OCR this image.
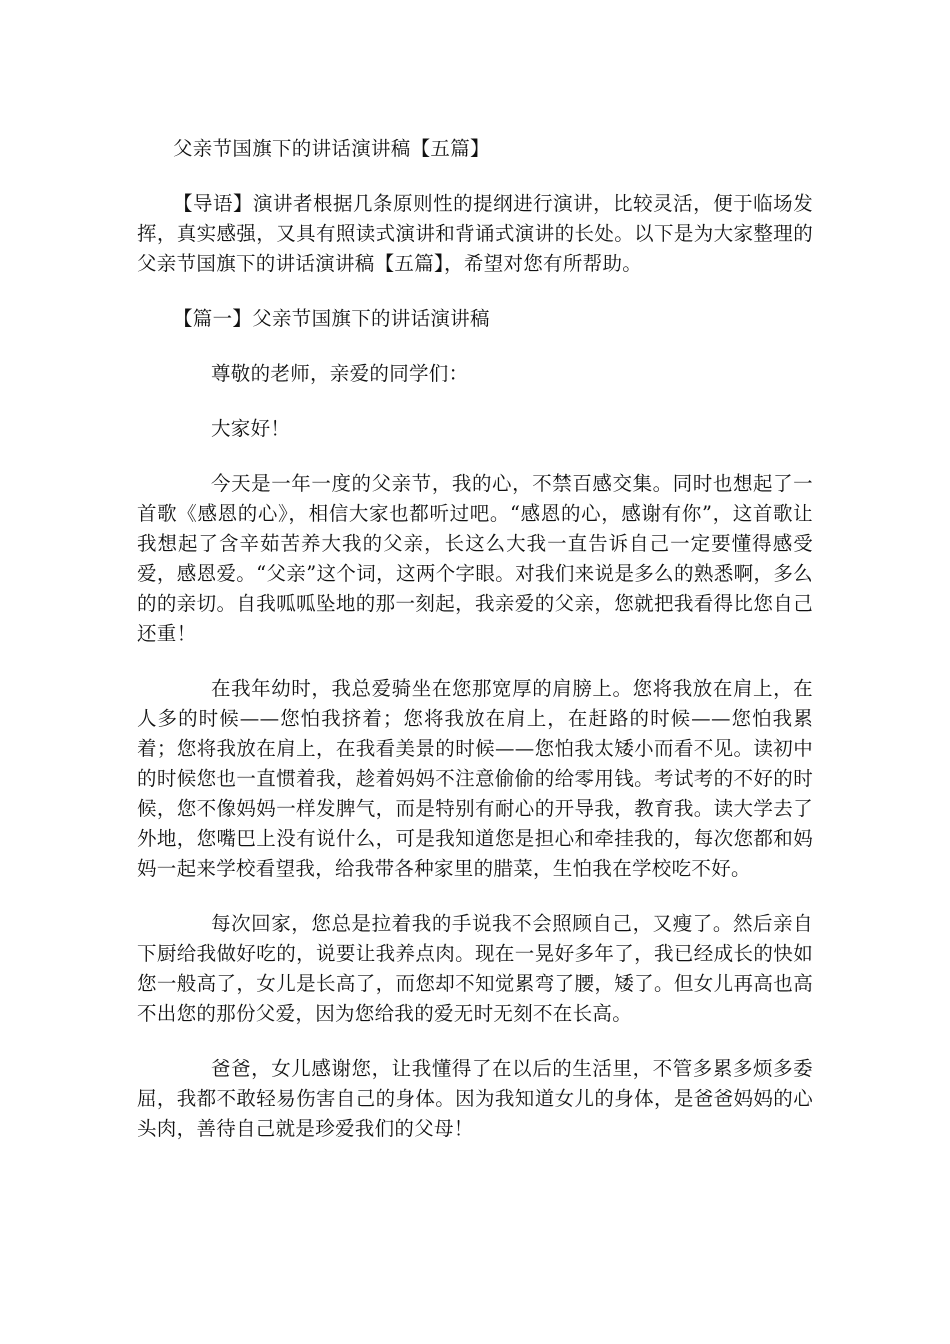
父亲节国旗下的讲话演讲稿【五篇】

【导语】演讲者根据几条原则性的提纲进行演讲，比较灵活，便于临场发挥，真实感强，又具有照读式演讲和背诵式演讲的长处。以下是为大家整理的父亲节国旗下的讲话演讲稿【五篇】，希望对您有所帮助。

【篇一】父亲节国旗下的讲话演讲稿
尊敬的老师，亲爱的同学们：
大家好！

今天是一年一度的父亲节，我的心，不禁百感交集。同时也想起了一首歌《感恩的心》，相信大家也都听过吧。“感恩的心，感谢有你”，这首歌让我想起了含辛茹苦养大我的父亲，长这么大我一直告诉自己一定要懂得感受爱，感恩爱。“父亲”这个词，这两个字眼。对我们来说是多么的熟悉啊，多么的的亲切。自我呱呱坠地的那一刻起，我亲爱的父亲，您就把我看得比您自己还重！

在我年幼时，我总爱骑坐在您那宽厚的肩膀上。您将我放在肩上，在人多的时候——您怕我挤着；您将我放在肩上，在赶路的时候——您怕我累着；您将我放在肩上，在我看美景的时候——您怕我太矮小而看不见。读初中的时候您也一直惯着我，趁着妈妈不注意偷偷的给零用钱。考试考的不好的时候，您不像妈妈一样发脾气，而是特别有耐心的开导我，教育我。读大学去了外地，您嘴巴上没有说什么，可是我知道您是担心和牵挂我的，每次您都和妈妈一起来学校看望我，给我带各种家里的腊菜，生怕我在学校吃不好。

每次回家，您总是拉着我的手说我不会照顾自己，又瘦了。然后亲自下厨给我做好吃的，说要让我养点肉。现在一晃好多年了，我已经成长的快如您一般高了，女儿是长高了，而您却不知觉累弯了腰，矮了。但女儿再高也高不出您的那份父爱，因为您给我的爱无时无刻不在长高。

爸爸，女儿感谢您，让我懂得了在以后的生活里，不管多累多烦多委屈，我都不敢轻易伤害自己的身体。因为我知道女儿的身体，是爸爸妈妈的心头肉，善待自己就是珍爱我们的父母！
